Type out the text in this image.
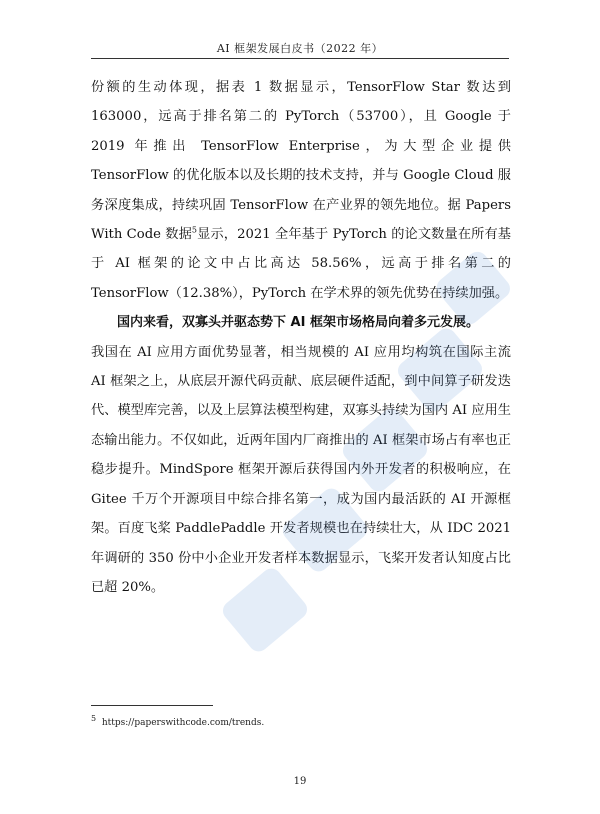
AI 框架发展白皮书（2022 年）

份额的生动体现，据表 1 数据显示，TensorFlow Star 数达到 163000，远高于排名第二的 PyTorch（53700），且 Google 于 2019 年推出 TensorFlow Enterprise，为大型企业提供 TensorFlow 的优化版本以及长期的技术支持，并与 Google Cloud 服务深度集成，持续巩固 TensorFlow 在产业界的领先地位。据 Papers With Code 数据$^5$显示，2021 全年基于 PyTorch 的论文数量在所有基于 AI 框架的论文中占比高达 58.56%，远高于排名第二的 TensorFlow（12.38%），PyTorch 在学术界的领先优势在持续加强。

国内来看，双寡头并驱态势下 AI 框架市场格局向着多元发展。

我国在 AI 应用方面优势显著，相当规模的 AI 应用均构筑在国际主流 AI 框架之上，从底层开源代码贡献、底层硬件适配，到中间算子研发迭代、模型库完善，以及上层算法模型构建，双寡头持续为国内 AI 应用生态输出能力。不仅如此，近两年国内厂商推出的 AI 框架市场占有率也正稳步提升。MindSpore 框架开源后获得国内外开发者的积极响应，在 Gitee 千万个开源项目中综合排名第一，成为国内最活跃的 AI 开源框架。百度飞桨 PaddlePaddle 开发者规模也在持续壮大，从 IDC 2021 年调研的 350 份中小企业开发者样本数据显示，飞桨开发者认知度占比已超 20%。

$^5$ https://paperswithcode.com/trends.
19
